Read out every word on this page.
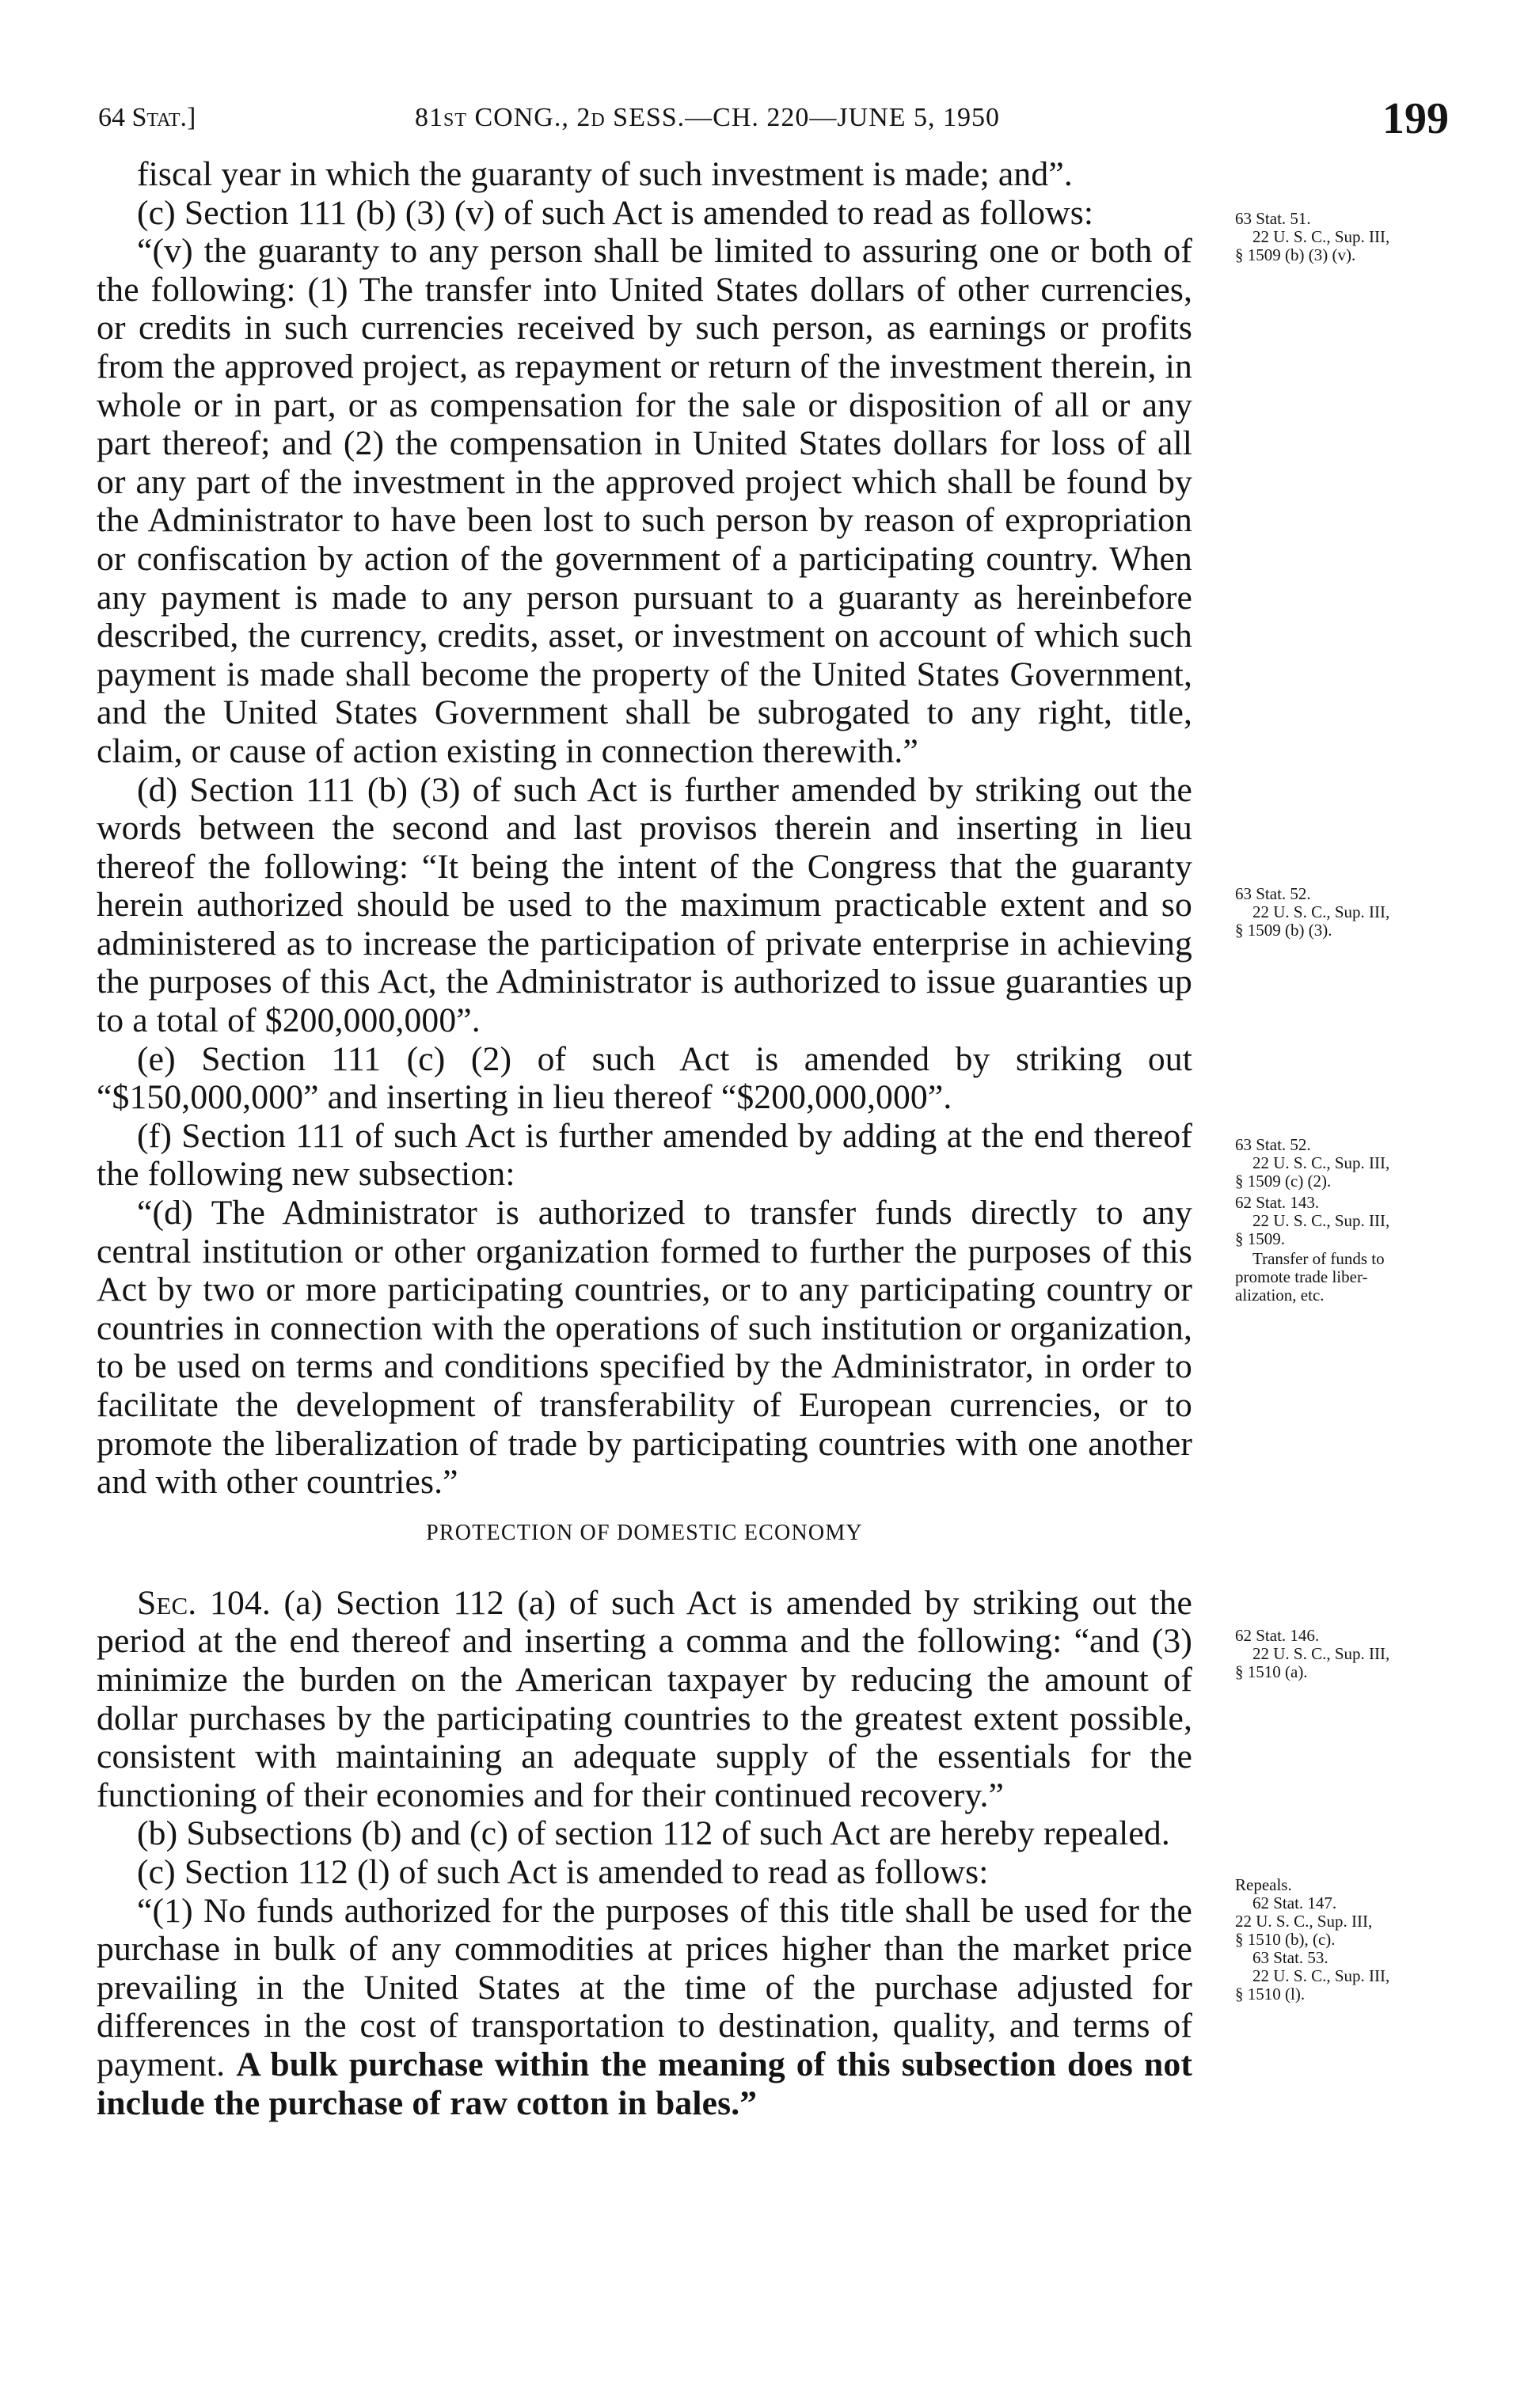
64 Stat.]	81st CONG., 2d SESS.—CH. 220—JUNE 5, 1950	199

fiscal year in which the guaranty of such investment is made; and”.

(c) Section 111 (b) (3) (v) of such Act is amended to read as follows:

“(v) the guaranty to any person shall be limited to assuring one or both of the following: (1) The transfer into United States dollars of other currencies, or credits in such currencies received by such person, as earnings or profits from the approved project, as repayment or return of the investment therein, in whole or in part, or as compensation for the sale or disposition of all or any part thereof; and (2) the compensation in United States dollars for loss of all or any part of the investment in the approved project which shall be found by the Administrator to have been lost to such person by reason of expropriation or confiscation by action of the government of a participating country. When any payment is made to any person pursuant to a guaranty as hereinbefore described, the currency, credits, asset, or investment on account of which such payment is made shall become the property of the United States Government, and the United States Government shall be subrogated to any right, title, claim, or cause of action existing in connection therewith.”

(d) Section 111 (b) (3) of such Act is further amended by striking out the words between the second and last provisos therein and inserting in lieu thereof the following: “It being the intent of the Congress that the guaranty herein authorized should be used to the maximum practicable extent and so administered as to increase the participation of private enterprise in achieving the purposes of this Act, the Administrator is authorized to issue guaranties up to a total of $200,000,000”.

(e) Section 111 (c) (2) of such Act is amended by striking out “$150,000,000” and inserting in lieu thereof “$200,000,000”.

(f) Section 111 of such Act is further amended by adding at the end thereof the following new subsection:

“(d) The Administrator is authorized to transfer funds directly to any central institution or other organization formed to further the purposes of this Act by two or more participating countries, or to any participating country or countries in connection with the operations of such institution or organization, to be used on terms and conditions specified by the Administrator, in order to facilitate the development of transferability of European currencies, or to promote the liberalization of trade by participating countries with one another and with other countries.”

PROTECTION OF DOMESTIC ECONOMY

Sec. 104. (a) Section 112 (a) of such Act is amended by striking out the period at the end thereof and inserting a comma and the following: “and (3) minimize the burden on the American taxpayer by reducing the amount of dollar purchases by the participating countries to the greatest extent possible, consistent with maintaining an adequate supply of the essentials for the functioning of their economies and for their continued recovery.”

(b) Subsections (b) and (c) of section 112 of such Act are hereby repealed.

(c) Section 112 (l) of such Act is amended to read as follows:

“(1) No funds authorized for the purposes of this title shall be used for the purchase in bulk of any commodities at prices higher than the market price prevailing in the United States at the time of the purchase adjusted for differences in the cost of transportation to destination, quality, and terms of payment. A bulk purchase within the meaning of this subsection does not include the purchase of raw cotton in bales.”

63 Stat. 51.
22 U. S. C., Sup. III,
§ 1509 (b) (3) (v).
63 Stat. 52.
22 U. S. C., Sup. III,
§ 1509 (b) (3).
63 Stat. 52.
22 U. S. C., Sup. III,
§ 1509 (c) (2).
62 Stat. 143.
22 U. S. C., Sup. III,
§ 1509.
Transfer of funds to
promote trade liber-
alization, etc.
62 Stat. 146.
22 U. S. C., Sup. III,
§ 1510 (a).
Repeals.
62 Stat. 147.
22 U. S. C., Sup. III,
§ 1510 (b), (c).
63 Stat. 53.
22 U. S. C., Sup. III,
§ 1510 (l).
